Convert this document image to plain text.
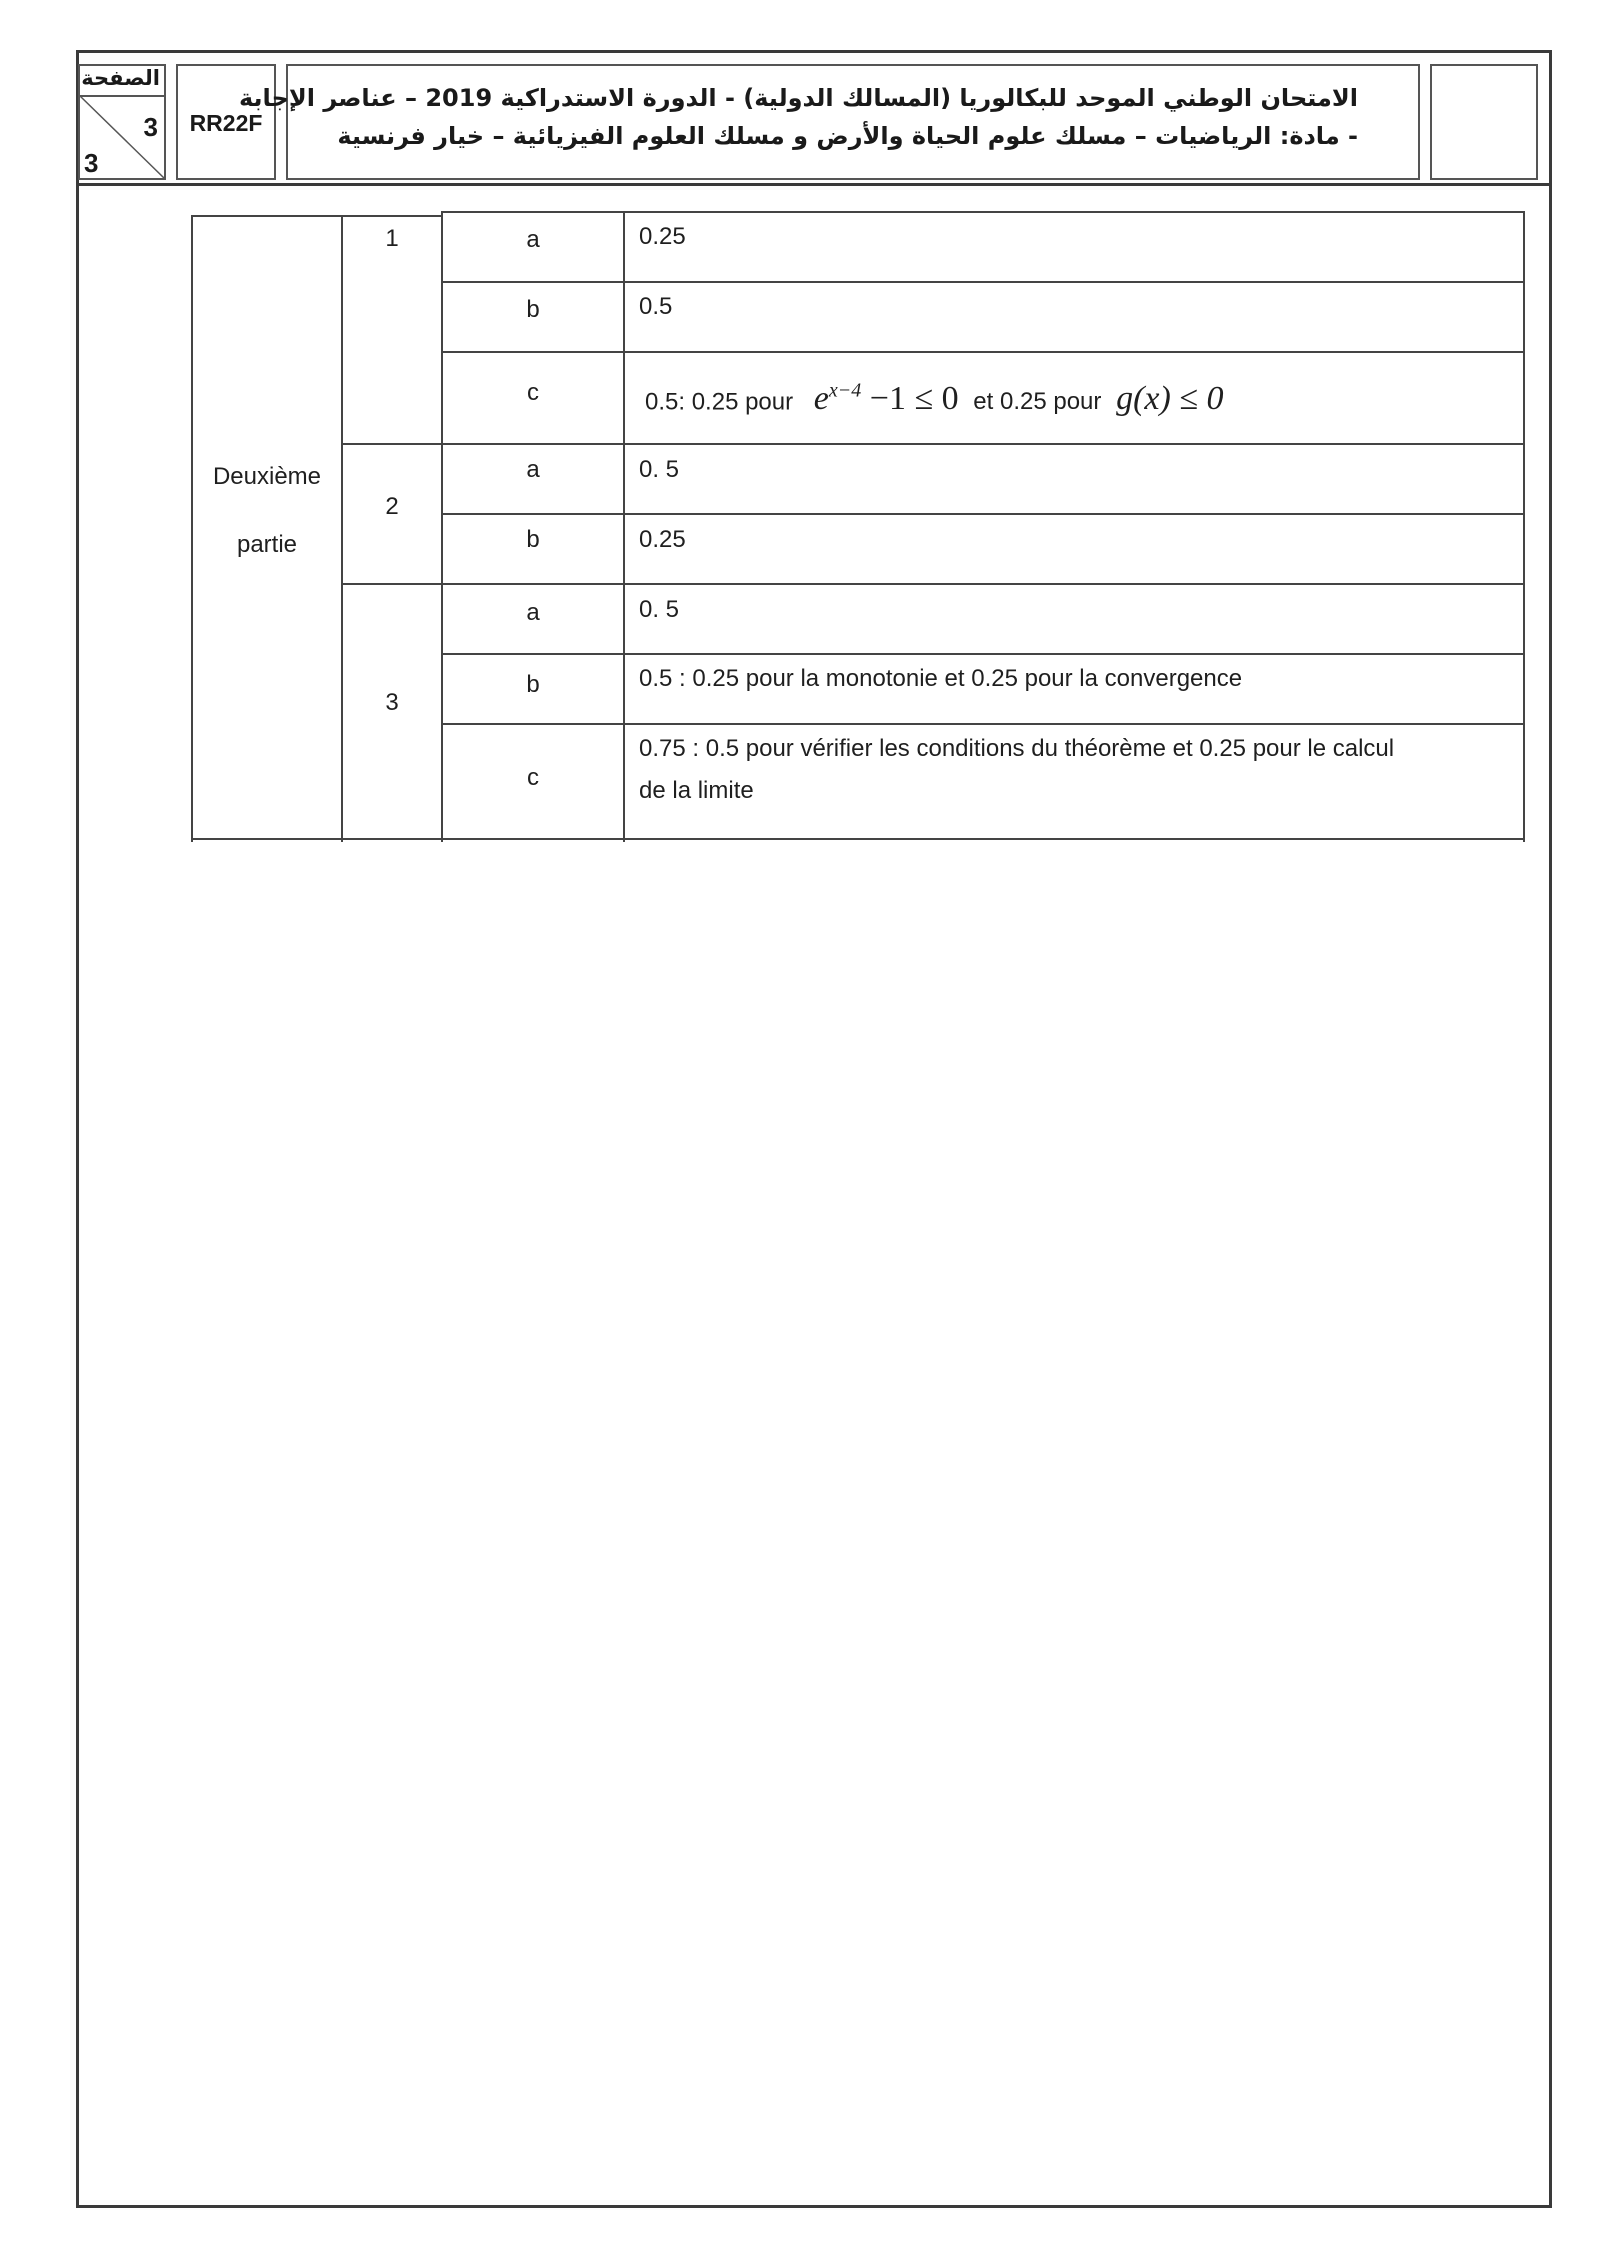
الصفحة
3
3
RR22F
الامتحان الوطني الموحد للبكالوريا (المسالك الدولية) - الدورة الاستدراكية 2019 – عناصر الإجابة
- مادة: الرياضيات – مسلك علوم الحياة والأرض و مسلك العلوم الفيزيائية – خيار فرنسية
Deuxième
partie
1
2
3
a
b
c
a
b
a
b
c
0.25
0.5
0.5: 0.25 pour $e^{x-4} -1 \le 0$ et 0.25 pour g(x) ≤ 0
0. 5
0.25
0. 5
0.5 : 0.25 pour la monotonie et 0.25 pour la convergence
0.75 : 0.5 pour vérifier les conditions du théorème et 0.25 pour le calcul
de la limite
